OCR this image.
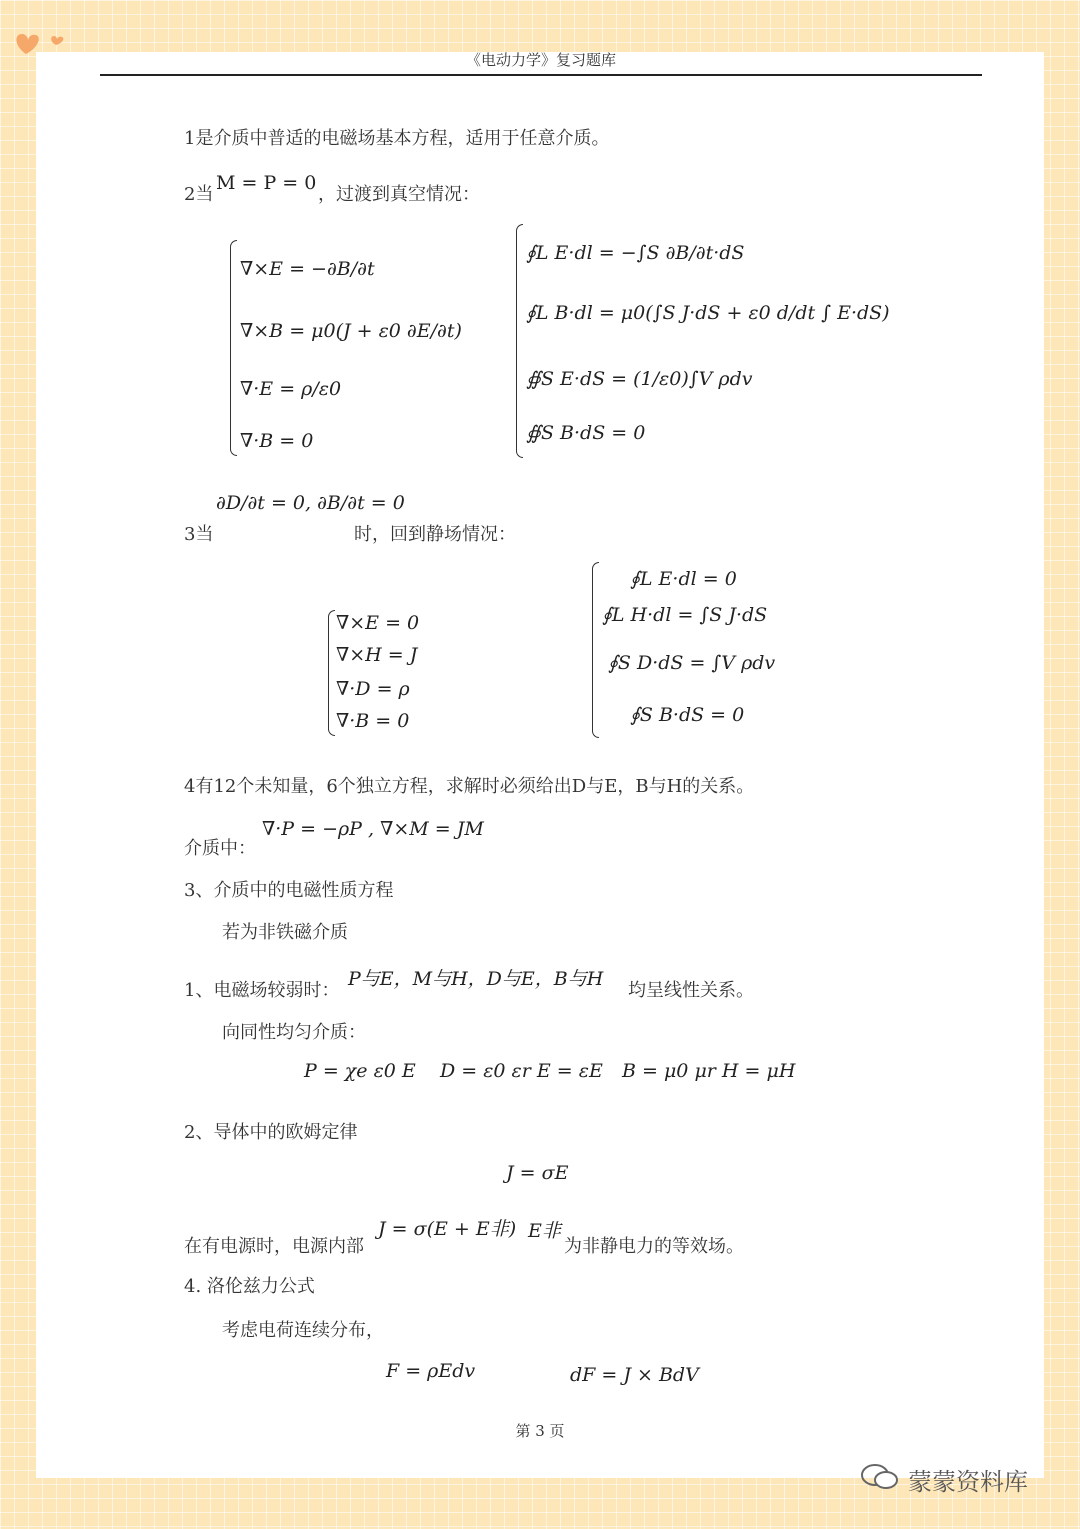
《电动力学》复习题库
1是介质中普适的电磁场基本方程，适用于任意介质。
2当
M = P = 0
，过渡到真空情况：
∇×E = −∂B/∂t
∇×B = μ0(J + ε0 ∂E/∂t)
∇·E = ρ/ε0
∇·B = 0
∮L E·dl = −∫S ∂B/∂t·dS
∮L B·dl = μ0(∫S J·dS + ε0 d/dt ∫ E·dS)
∯S E·dS = (1/ε0)∫V ρdv
∯S B·dS = 0
3当
∂D/∂t = 0, ∂B/∂t = 0
时，回到静场情况：
∇×E = 0
∇×H = J
∇·D = ρ
∇·B = 0
∮L E·dl = 0
∮L H·dl = ∫S J·dS
∮S D·dS = ∫V ρdv
∮S B·dS = 0
4有12个未知量，6个独立方程，求解时必须给出D与E，B与H的关系。
介质中：
∇·P = −ρP , ∇×M = JM
3、介质中的电磁性质方程
若为非铁磁介质
1、电磁场较弱时：
P与E，M与H，D与E，B与H
均呈线性关系。
向同性均匀介质：
P = χe ε0 E D = ε0 εr E = εE B = μ0 μr H = μH
2、导体中的欧姆定律
J = σE
在有电源时，电源内部
J = σ(E + E非) E非
为非静电力的等效场。
4. 洛伦兹力公式
考虑电荷连续分布，
F = ρEdv	dF = J × BdV
第 3 页
蒙蒙资料库
